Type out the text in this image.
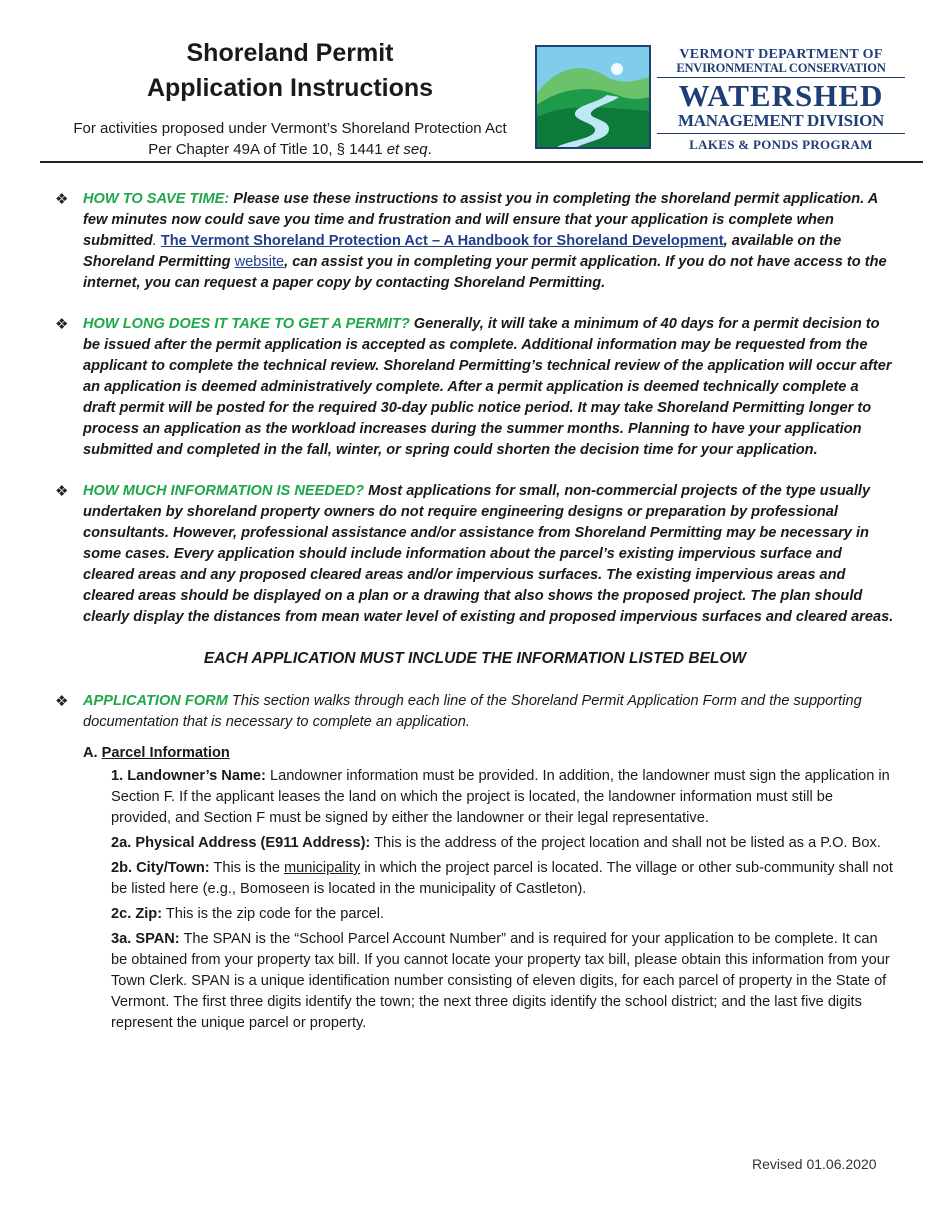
Shoreland Permit
Application Instructions
For activities proposed under Vermont’s Shoreland Protection Act
Per Chapter 49A of Title 10, § 1441 et seq.
VERMONT DEPARTMENT OF
ENVIRONMENTAL CONSERVATION
WATERSHED
MANAGEMENT DIVISION
LAKES & PONDS PROGRAM
❖ HOW TO SAVE TIME: Please use these instructions to assist you in completing the shoreland permit application. A few minutes now could save you time and frustration and will ensure that your application is complete when submitted. The Vermont Shoreland Protection Act – A Handbook for Shoreland Development, available on the Shoreland Permitting website, can assist you in completing your permit application. If you do not have access to the internet, you can request a paper copy by contacting Shoreland Permitting.
❖ HOW LONG DOES IT TAKE TO GET A PERMIT? Generally, it will take a minimum of 40 days for a permit decision to be issued after the permit application is accepted as complete. Additional information may be requested from the applicant to complete the technical review. Shoreland Permitting’s technical review of the application will occur after an application is deemed administratively complete. After a permit application is deemed technically complete a draft permit will be posted for the required 30-day public notice period. It may take Shoreland Permitting longer to process an application as the workload increases during the summer months. Planning to have your application submitted and completed in the fall, winter, or spring could shorten the decision time for your application.
❖ HOW MUCH INFORMATION IS NEEDED? Most applications for small, non-commercial projects of the type usually undertaken by shoreland property owners do not require engineering designs or preparation by professional consultants. However, professional assistance and/or assistance from Shoreland Permitting may be necessary in some cases. Every application should include information about the parcel’s existing impervious surface and cleared areas and any proposed cleared areas and/or impervious surfaces. The existing impervious areas and cleared areas should be displayed on a plan or a drawing that also shows the proposed project. The plan should clearly display the distances from mean water level of existing and proposed impervious surfaces and cleared areas.
EACH APPLICATION MUST INCLUDE THE INFORMATION LISTED BELOW
❖ APPLICATION FORM This section walks through each line of the Shoreland Permit Application Form and the supporting documentation that is necessary to complete an application.
A. Parcel Information
1. Landowner’s Name: Landowner information must be provided. In addition, the landowner must sign the application in Section F. If the applicant leases the land on which the project is located, the landowner information must still be provided, and Section F must be signed by either the landowner or their legal representative.
2a. Physical Address (E911 Address): This is the address of the project location and shall not be listed as a P.O. Box.
2b. City/Town: This is the municipality in which the project parcel is located. The village or other sub-community shall not be listed here (e.g., Bomoseen is located in the municipality of Castleton).
2c. Zip: This is the zip code for the parcel.
3a. SPAN: The SPAN is the “School Parcel Account Number” and is required for your application to be complete. It can be obtained from your property tax bill. If you cannot locate your property tax bill, please obtain this information from your Town Clerk. SPAN is a unique identification number consisting of eleven digits, for each parcel of property in the State of Vermont. The first three digits identify the town; the next three digits identify the school district; and the last five digits represent the unique parcel or property.
Revised 01.06.2020
